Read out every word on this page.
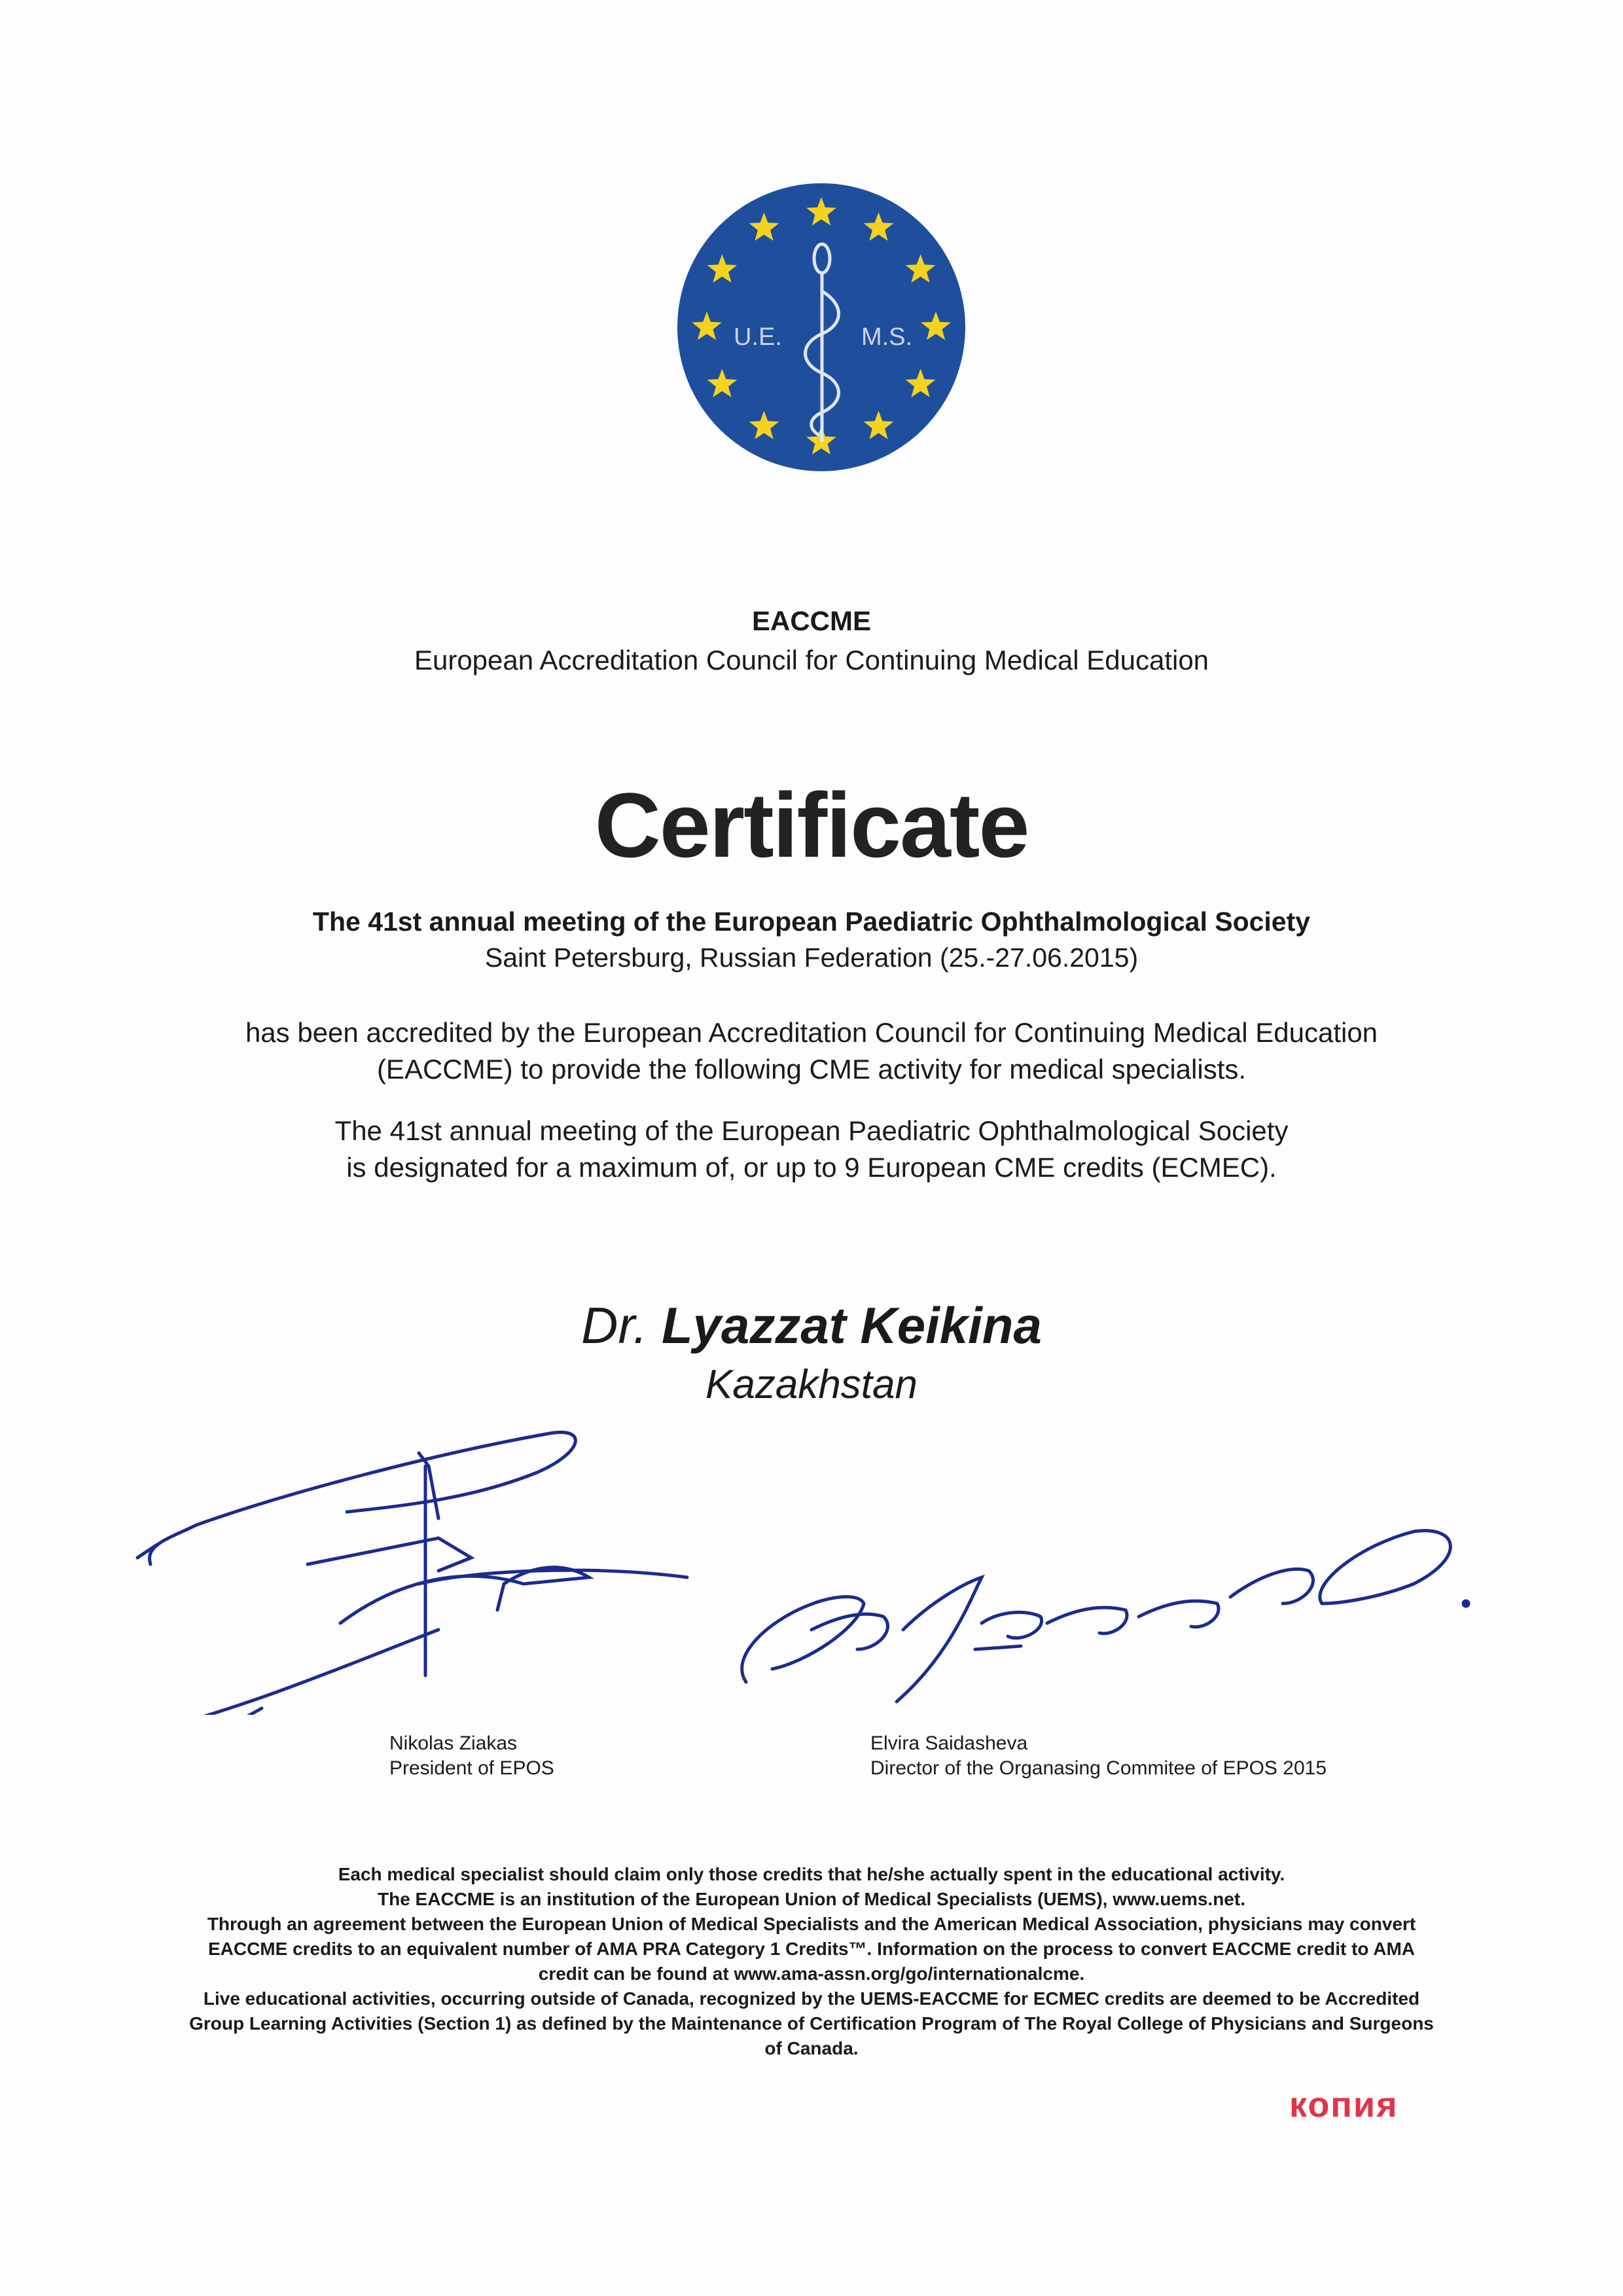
U.E.	M.S.
EACCME
European Accreditation Council for Continuing Medical Education
Certificate
The 41st annual meeting of the European Paediatric Ophthalmological Society
Saint Petersburg, Russian Federation (25.-27.06.2015)
has been accredited by the European Accreditation Council for Continuing Medical Education
(EACCME) to provide the following CME activity for medical specialists.
The 41st annual meeting of the European Paediatric Ophthalmological Society
is designated for a maximum of, or up to 9 European CME credits (ECMEC).
Dr. Lyazzat Keikina
Kazakhstan
Nikolas Ziakas
President of EPOS
Elvira Saidasheva
Director of the Organasing Commitee of EPOS 2015
Each medical specialist should claim only those credits that he/she actually spent in the educational activity.
The EACCME is an institution of the European Union of Medical Specialists (UEMS), www.uems.net.
Through an agreement between the European Union of Medical Specialists and the American Medical Association, physicians may convert
EACCME credits to an equivalent number of AMA PRA Category 1 Credits™. Information on the process to convert EACCME credit to AMA
credit can be found at www.ama-assn.org/go/internationalcme.
Live educational activities, occurring outside of Canada, recognized by the UEMS-EACCME for ECMEC credits are deemed to be Accredited
Group Learning Activities (Section 1) as defined by the Maintenance of Certification Program of The Royal College of Physicians and Surgeons
of Canada.
копия
